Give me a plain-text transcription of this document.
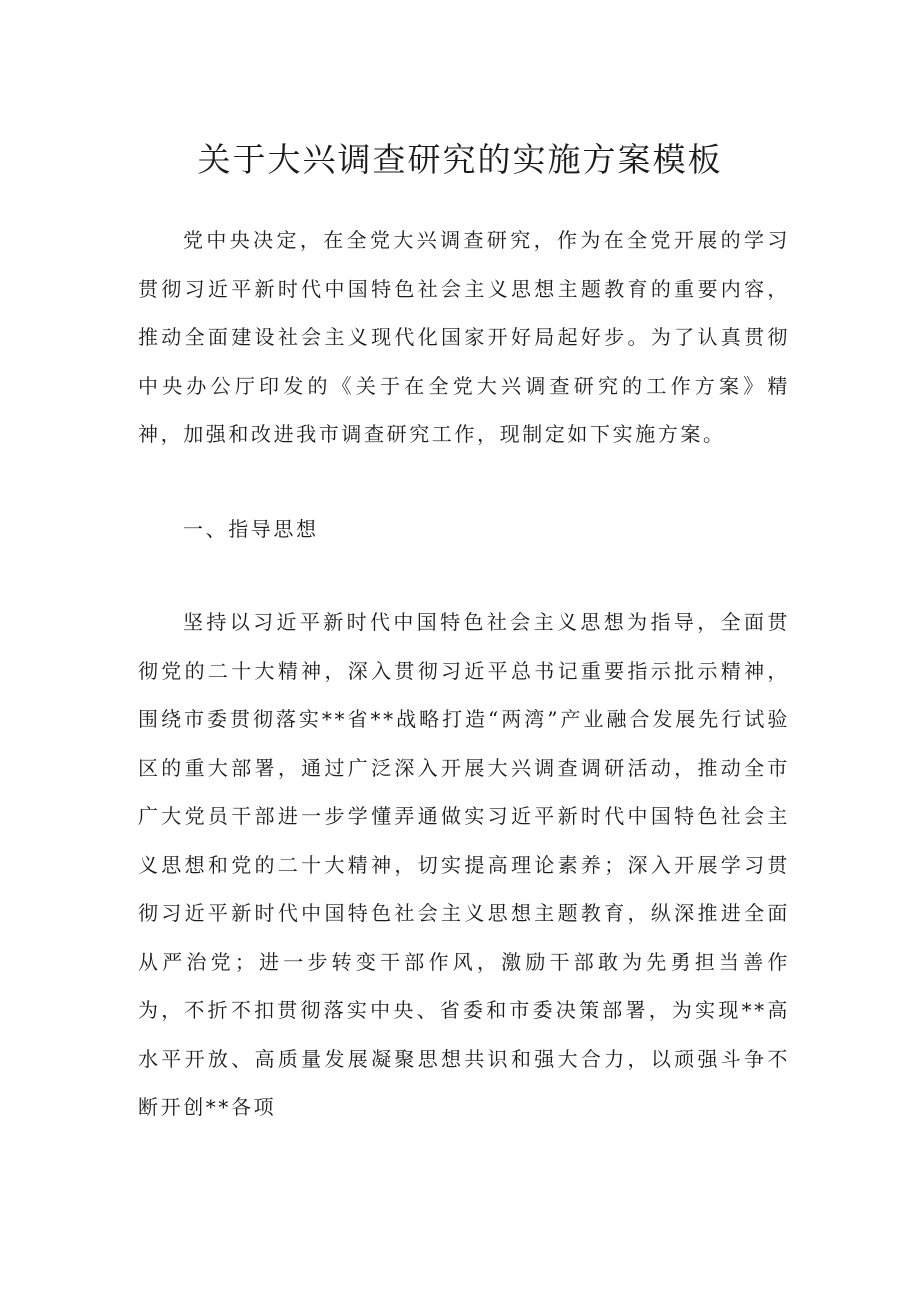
关于大兴调查研究的实施方案模板

党中央决定，在全党大兴调查研究，作为在全党开展的学习贯彻习近平新时代中国特色社会主义思想主题教育的重要内容，推动全面建设社会主义现代化国家开好局起好步。为了认真贯彻中央办公厅印发的《关于在全党大兴调查研究的工作方案》精神，加强和改进我市调查研究工作，现制定如下实施方案。

一、指导思想

坚持以习近平新时代中国特色社会主义思想为指导，全面贯彻党的二十大精神，深入贯彻习近平总书记重要指示批示精神，围绕市委贯彻落实**省**战略打造“两湾”产业融合发展先行试验区的重大部署，通过广泛深入开展大兴调查调研活动，推动全市广大党员干部进一步学懂弄通做实习近平新时代中国特色社会主义思想和党的二十大精神，切实提高理论素养；深入开展学习贯彻习近平新时代中国特色社会主义思想主题教育，纵深推进全面从严治党；进一步转变干部作风，激励干部敢为先勇担当善作为，不折不扣贯彻落实中央、省委和市委决策部署，为实现**高水平开放、高质量发展凝聚思想共识和强大合力，以顽强斗争不断开创**各项
